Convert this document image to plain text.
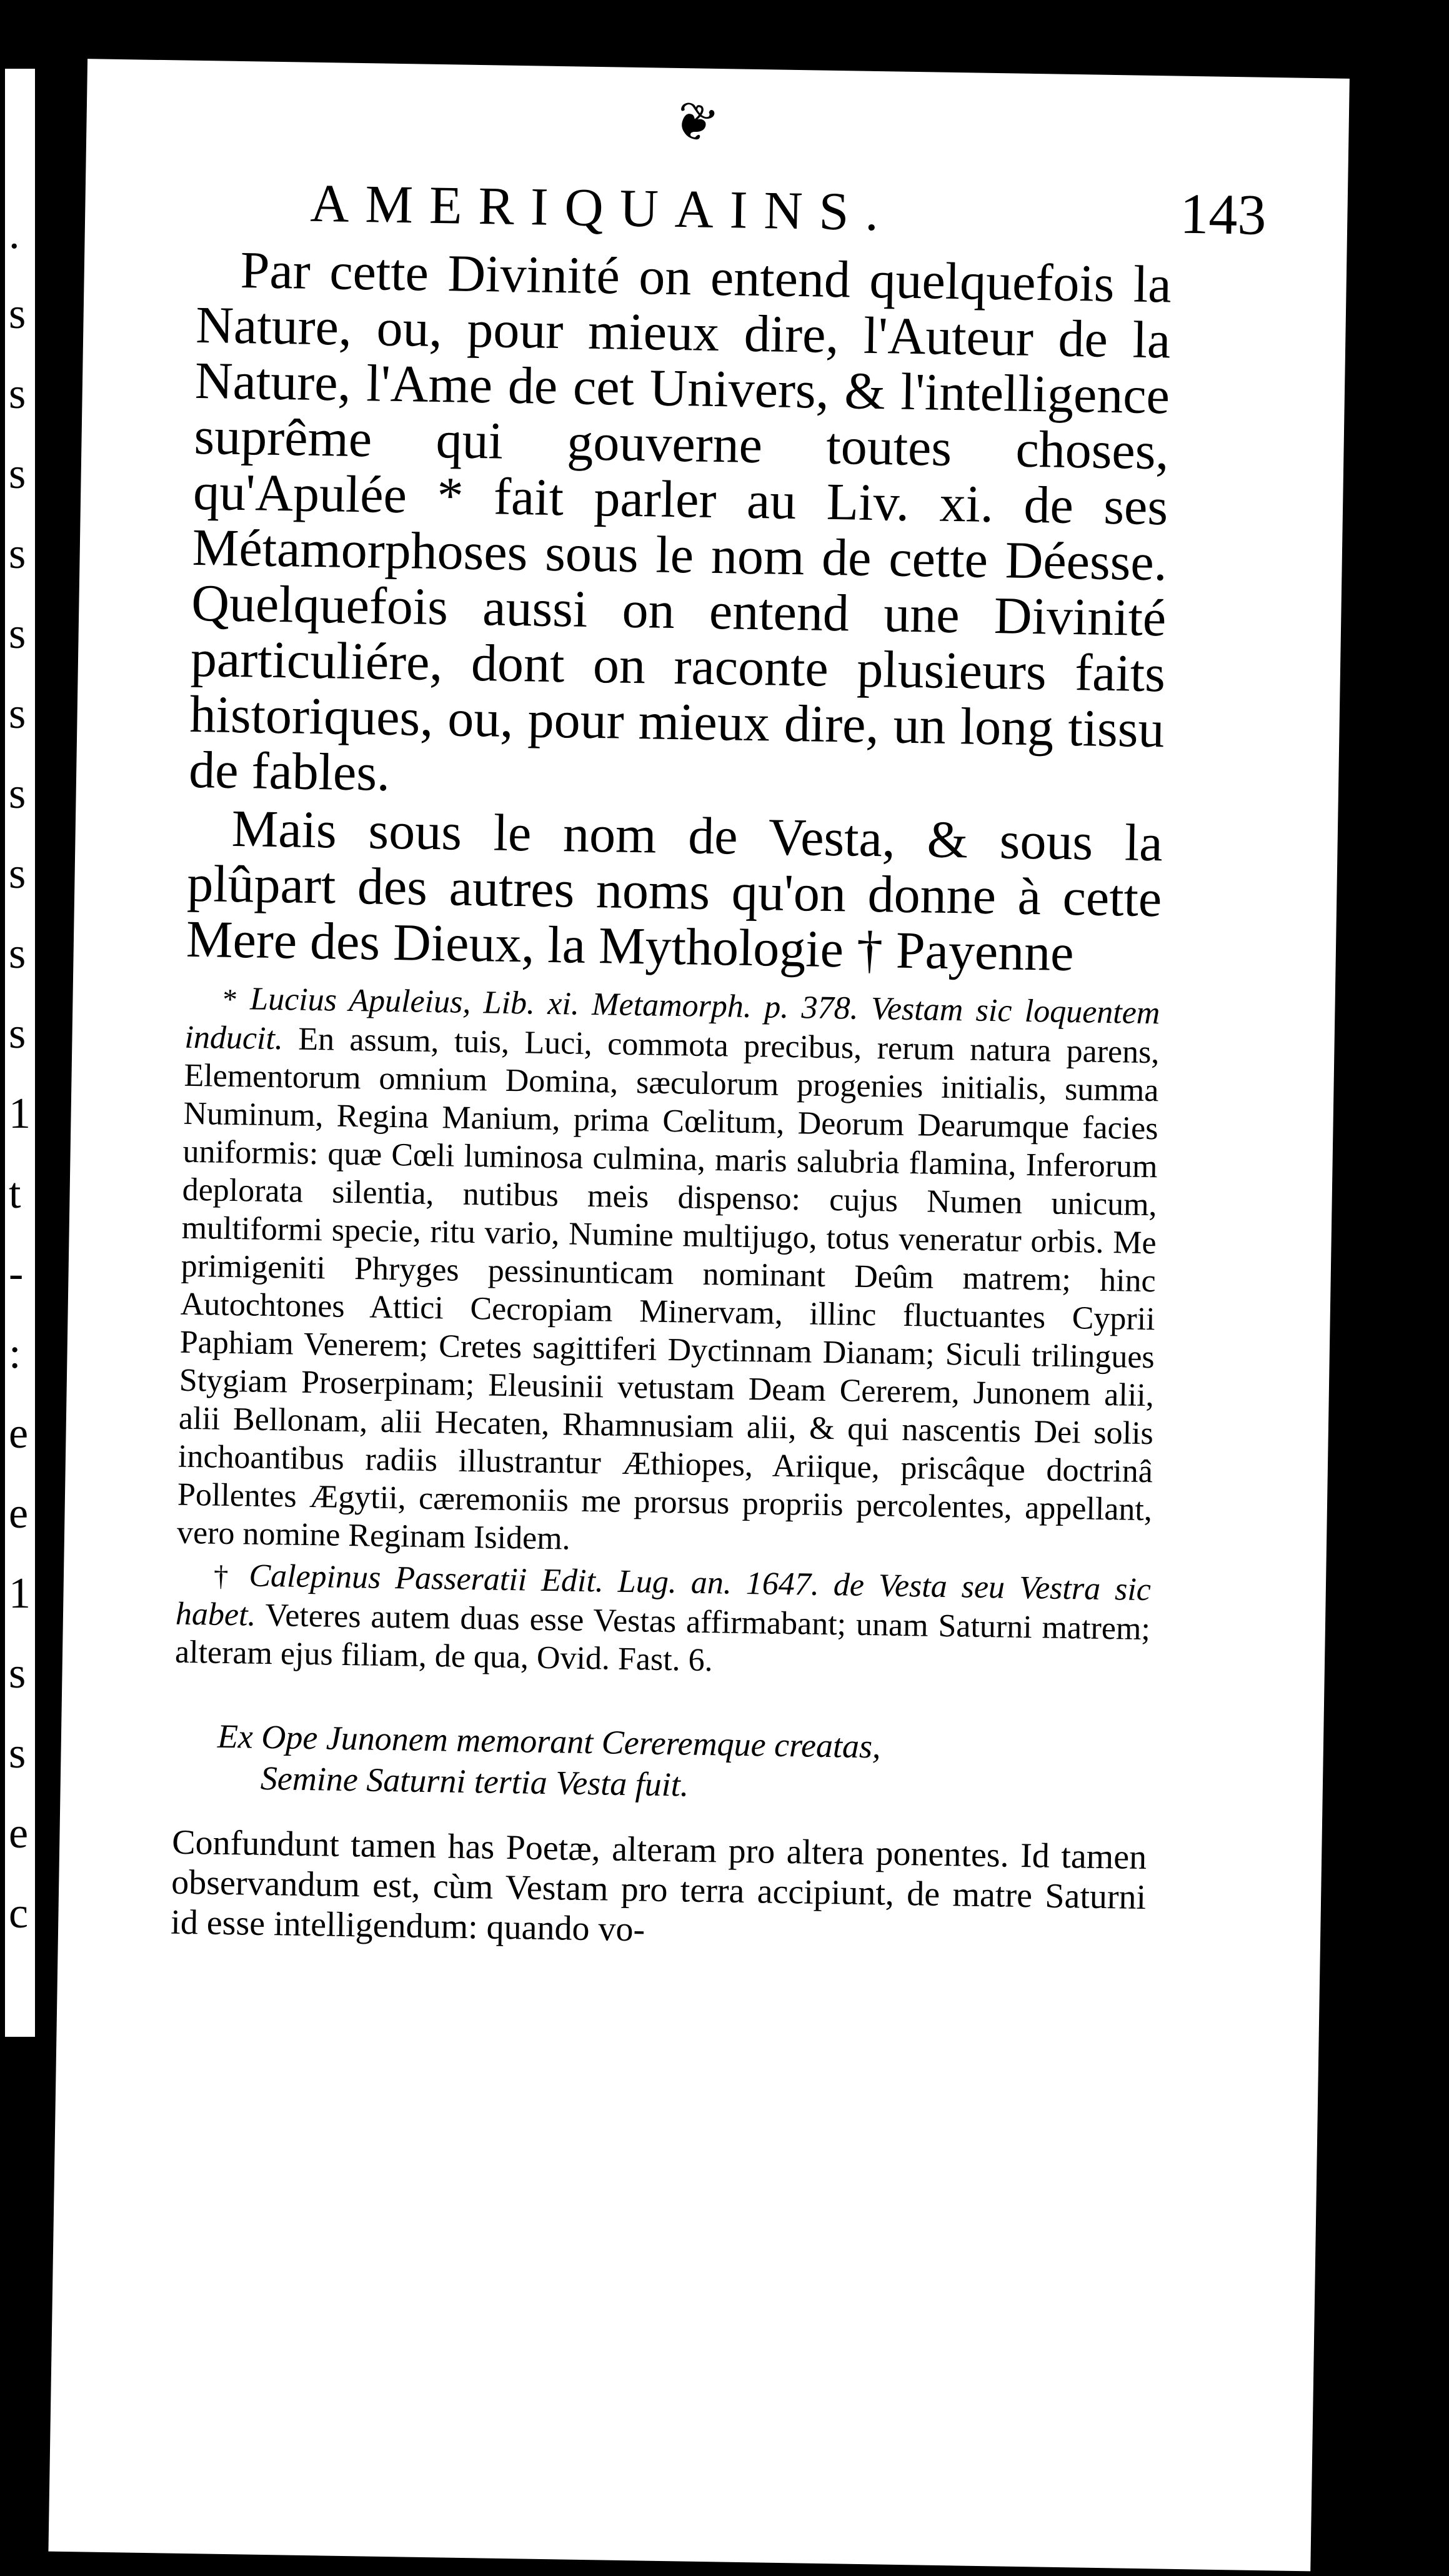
.
s
s
s
s
s
s
s
s
s
s
1
t
-
:
e
e
1
s
s
e
c
❦
AMERIQUAINS.	143

Par cette Divinité on entend quelquefois la Nature, ou, pour mieux dire, l'Auteur de la Nature, l'Ame de cet Univers, & l'intelligence suprême qui gouverne toutes choses, qu'Apulée * fait parler au Liv. xi. de ses Métamorphoses sous le nom de cette Déesse. Quelquefois aussi on entend une Divinité particuliére, dont on raconte plusieurs faits historiques, ou, pour mieux dire, un long tissu de fables.

Mais sous le nom de Vesta, & sous la plûpart des autres noms qu'on donne à cette Mere des Dieux, la Mythologie † Payenne

* Lucius Apuleius, Lib. xi. Metamorph. p. 378. Vestam sic loquentem inducit. En assum, tuis, Luci, commota precibus, rerum natura parens, Elementorum omnium Domina, sæculorum progenies initialis, summa Numinum, Regina Manium, prima Cœlitum, Deorum Dearumque facies uniformis: quæ Cœli luminosa culmina, maris salubria flamina, Inferorum deplorata silentia, nutibus meis dispenso: cujus Numen unicum, multiformi specie, ritu vario, Numine multijugo, totus veneratur orbis. Me primigeniti Phryges pessinunticam nominant Deûm matrem; hinc Autochtones Attici Cecropiam Minervam, illinc fluctuantes Cyprii Paphiam Venerem; Cretes sagittiferi Dyctinnam Dianam; Siculi trilingues Stygiam Proserpinam; Eleusinii vetustam Deam Cererem, Junonem alii, alii Bellonam, alii Hecaten, Rhamnusiam alii, & qui nascentis Dei solis inchoantibus radiis illustrantur Æthiopes, Ariique, priscâque doctrinâ Pollentes Ægytii, cæremoniis me prorsus propriis percolentes, appellant, vero nomine Reginam Isidem.

† Calepinus Passeratii Edit. Lug. an. 1647. de Vesta seu Vestra sic habet. Veteres autem duas esse Vestas affirmabant; unam Saturni matrem; alteram ejus filiam, de qua, Ovid. Fast. 6.

Ex Ope Junonem memorant Cereremque creatas,
Semine Saturni tertia Vesta fuit.

Confundunt tamen has Poetæ, alteram pro altera ponentes. Id tamen observandum est, cùm Vestam pro terra accipiunt, de matre Saturni id esse intelligendum: quando vo-
